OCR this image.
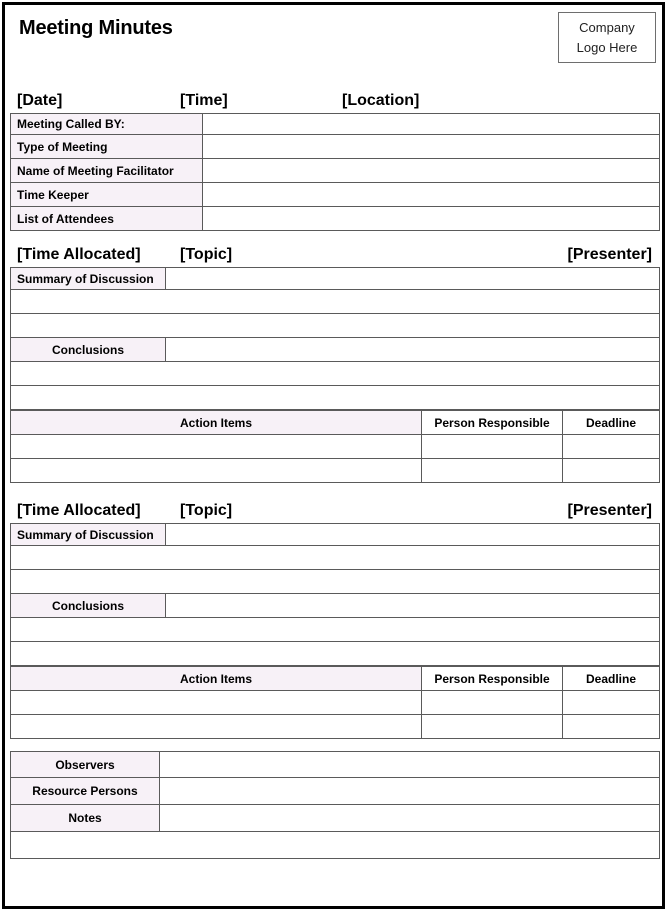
Meeting Minutes	Company
Logo Here
[Date]	[Time]	[Location]
Meeting Called BY:	
Type of Meeting	
Name of Meeting Facilitator	
Time Keeper	
List of Attendees	
[Time Allocated] [Topic]	[Presenter]
Summary of Discussion	

Conclusions	

Action Items	Person Responsible	Deadline

[Time Allocated] [Topic]	[Presenter]
Summary of Discussion	

Conclusions	

Action Items	Person Responsible	Deadline

Observers	
Resource Persons	
Notes	
